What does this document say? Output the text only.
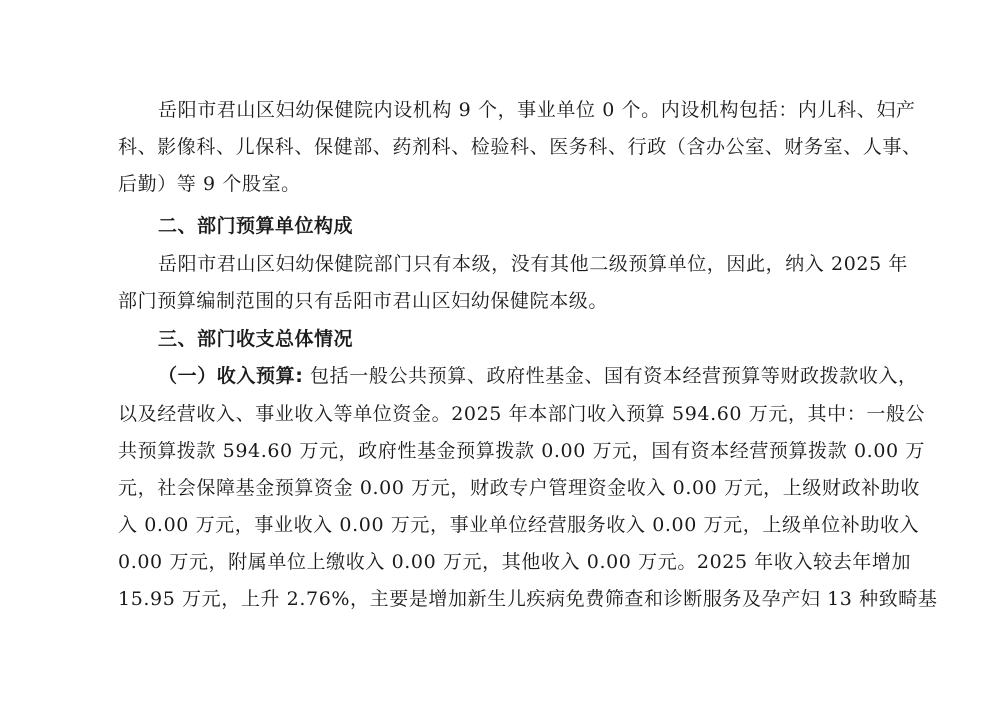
岳阳市君山区妇幼保健院内设机构 9 个，事业单位 0 个。内设机构包括：内儿科、妇产
科、影像科、儿保科、保健部、药剂科、检验科、医务科、行政（含办公室、财务室、人事、
后勤）等 9 个股室。
二、部门预算单位构成
岳阳市君山区妇幼保健院部门只有本级，没有其他二级预算单位，因此，纳入 2025 年
部门预算编制范围的只有岳阳市君山区妇幼保健院本级。
三、部门收支总体情况
（一）收入预算: 包括一般公共预算、政府性基金、国有资本经营预算等财政拨款收入，
以及经营收入、事业收入等单位资金。2025 年本部门收入预算 594.60 万元，其中：一般公
共预算拨款 594.60 万元，政府性基金预算拨款 0.00 万元，国有资本经营预算拨款 0.00 万
元，社会保障基金预算资金 0.00 万元，财政专户管理资金收入 0.00 万元，上级财政补助收
入 0.00 万元，事业收入 0.00 万元，事业单位经营服务收入 0.00 万元，上级单位补助收入
0.00 万元，附属单位上缴收入 0.00 万元，其他收入 0.00 万元。2025 年收入较去年增加
15.95 万元，上升 2.76%，主要是增加新生儿疾病免费筛查和诊断服务及孕产妇 13 种致畸基
